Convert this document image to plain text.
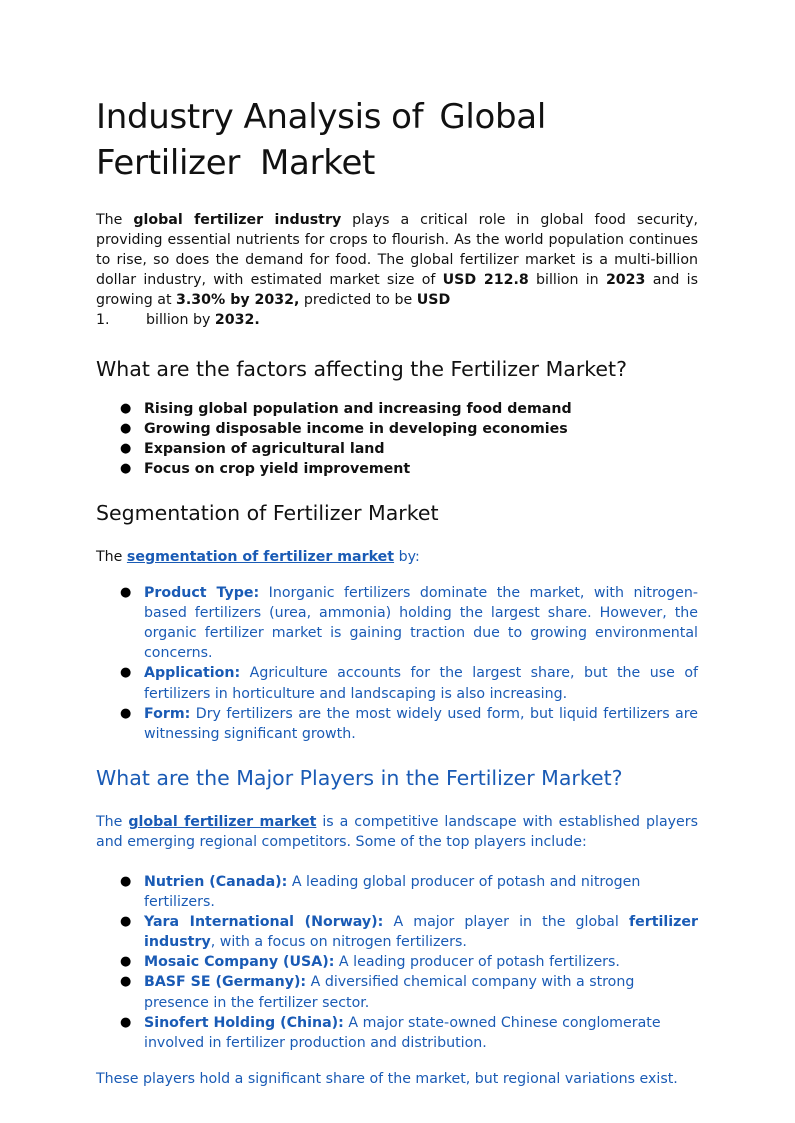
Industry Analysis of Global
Fertilizer Market

The global fertilizer industry plays a critical role in global food security, providing essential nutrients for crops to flourish. As the world population continues to rise, so does the demand for food. The global fertilizer market is a multi-billion dollar industry, with estimated market size of USD 212.8 billion in 2023 and is growing at 3.30% by 2032, predicted to be USD

1.	billion by 2032.

What are the factors affecting the Fertilizer Market?
● Rising global population and increasing food demand
● Growing disposable income in developing economies
● Expansion of agricultural land
● Focus on crop yield improvement
Segmentation of Fertilizer Market

The segmentation of fertilizer market by:

● Product Type: Inorganic fertilizers dominate the market, with nitrogen-based fertilizers (urea, ammonia) holding the largest share. However, the organic fertilizer market is gaining traction due to growing environmental concerns.
● Application: Agriculture accounts for the largest share, but the use of fertilizers in horticulture and landscaping is also increasing.
● Form: Dry fertilizers are the most widely used form, but liquid fertilizers are witnessing significant growth.
What are the Major Players in the Fertilizer Market?

The global fertilizer market is a competitive landscape with established players and emerging regional competitors. Some of the top players include:

● Nutrien (Canada): A leading global producer of potash and nitrogen fertilizers.
● Yara International (Norway): A major player in the global fertilizer industry, with a focus on nitrogen fertilizers.
● Mosaic Company (USA): A leading producer of potash fertilizers.
● BASF SE (Germany): A diversified chemical company with a strong presence in the fertilizer sector.
● Sinofert Holding (China): A major state-owned Chinese conglomerate involved in fertilizer production and distribution.

These players hold a significant share of the market, but regional variations exist.
